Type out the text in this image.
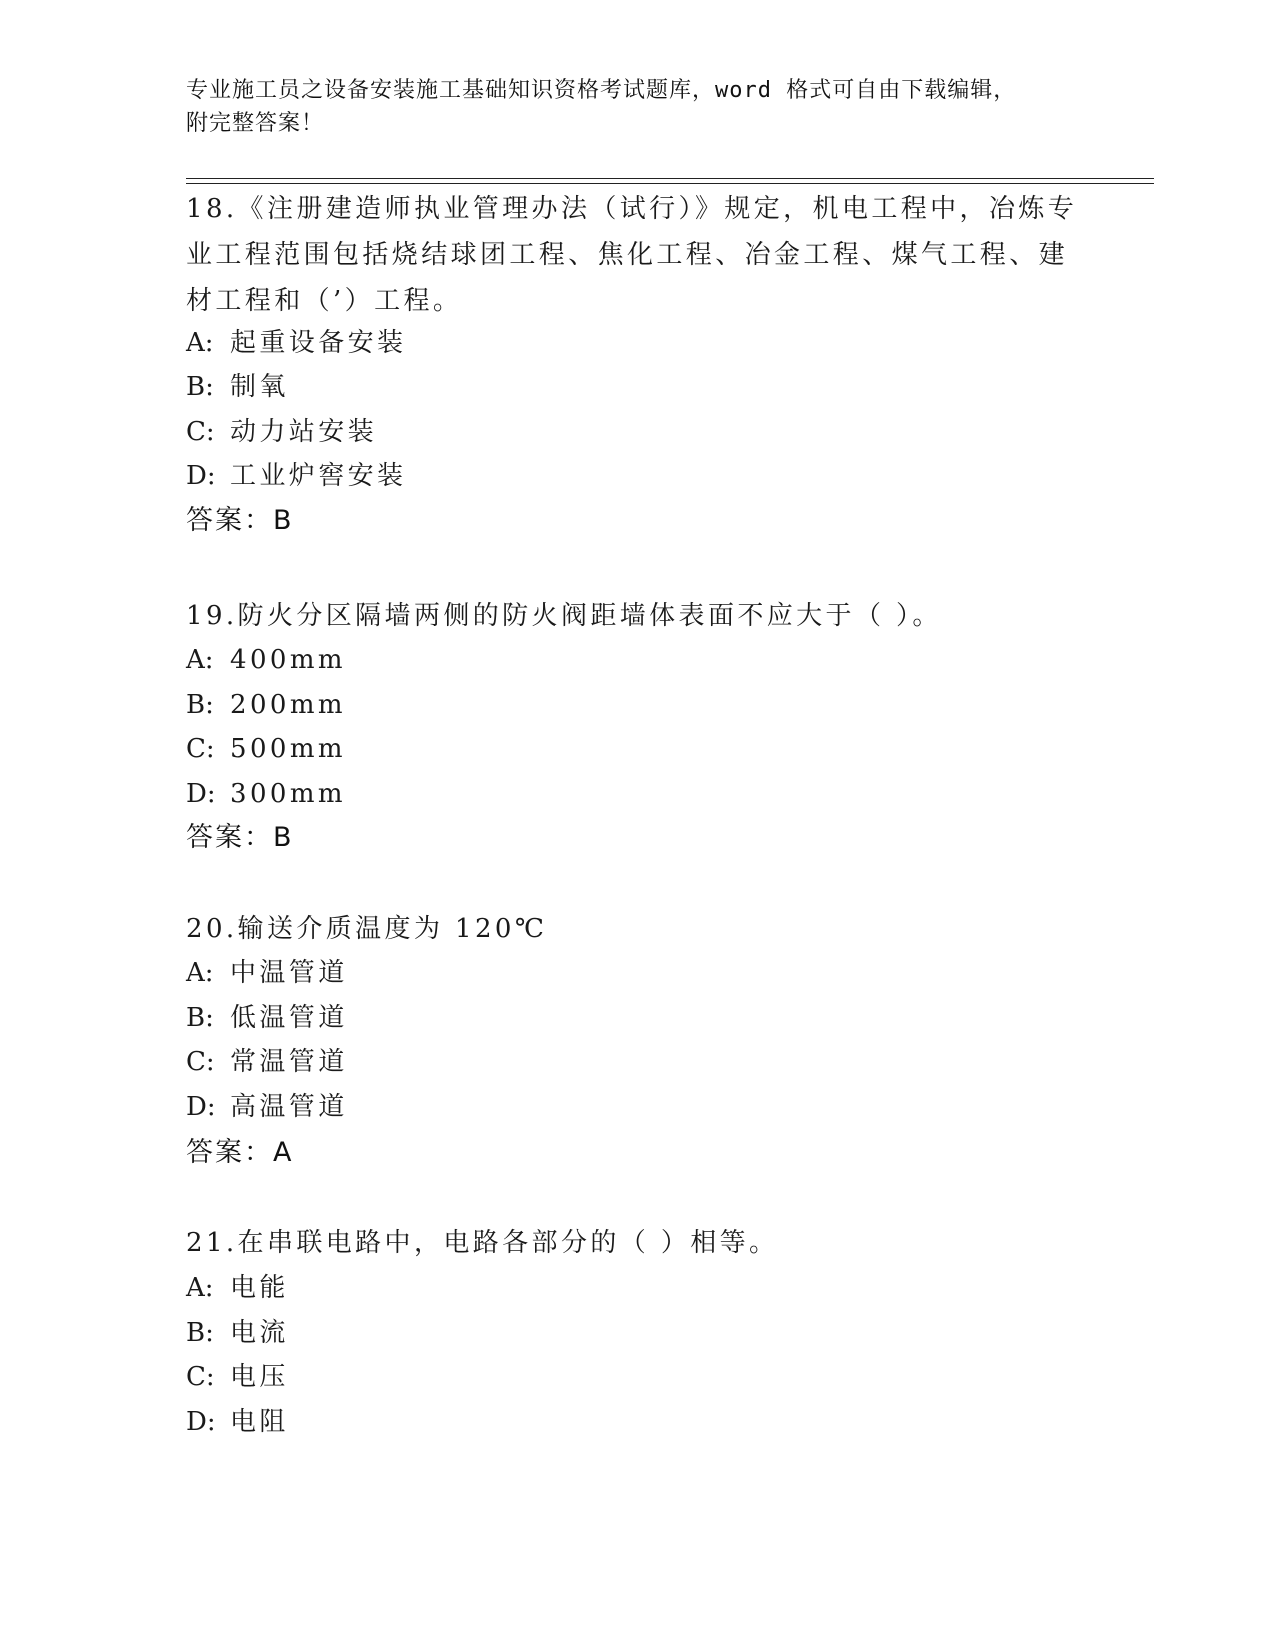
专业施工员之设备安装施工基础知识资格考试题库，word 格式可自由下载编辑，
附完整答案！
18.《注册建造师执业管理办法（试行）》规定，机电工程中，冶炼专
业工程范围包括烧结球团工程、焦化工程、冶金工程、煤气工程、建
材工程和（’）工程。
A: 起重设备安装
B: 制氧
C: 动力站安装
D: 工业炉窖安装
答案：B
19.防火分区隔墙两侧的防火阀距墙体表面不应大于（ ）。
A: 400mm
B: 200mm
C: 500mm
D: 300mm
答案：B
20.输送介质温度为 120℃
A: 中温管道
B: 低温管道
C: 常温管道
D: 高温管道
答案：A
21.在串联电路中，电路各部分的（ ）相等。
A: 电能
B: 电流
C: 电压
D: 电阻
